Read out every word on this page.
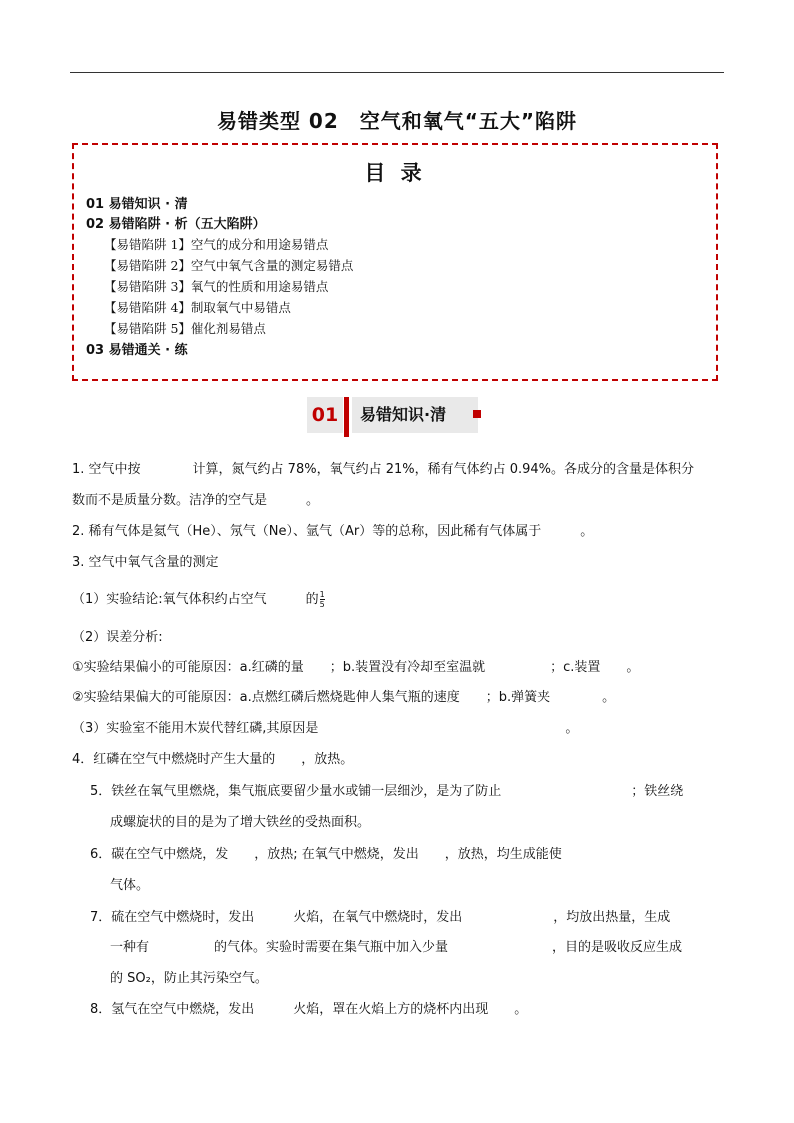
易错类型 02　空气和氧气“五大”陷阱
目 录
01 易错知识 · 清
02 易错陷阱 · 析（五大陷阱）
【易错陷阱 1】空气的成分和用途易错点
【易错陷阱 2】空气中氧气含量的测定易错点
【易错陷阱 3】氧气的性质和用途易错点
【易错陷阱 4】制取氧气中易错点
【易错陷阱 5】催化剂易错点
03 易错通关 · 练
01	易错知识·清
1. 空气中按　　　　计算，氮气约占 78%，氧气约占 21%，稀有气体约占 0.94%。各成分的含量是体积分
数而不是质量分数。洁净的空气是　　　。
2. 稀有气体是氦气（He）、氖气（Ne）、氩气（Ar）等的总称，因此稀有气体属于　　　。
3. 空气中氧气含量的测定
（1）实验结论:氧气体积约占空气　　　的 $\frac{1}{5}$
（2）误差分析:
①实验结果偏小的可能原因：a.红磷的量　　；b.装置没有冷却至室温就　　　　　；c.装置　　。
②实验结果偏大的可能原因：a.点燃红磷后燃烧匙伸人集气瓶的速度　　；b.弹簧夹　　　　。
（3）实验室不能用木炭代替红磷,其原因是　　　　　　　　　　　　　　　　　　　。
4．红磷在空气中燃烧时产生大量的　　，放热。
5．铁丝在氧气里燃烧，集气瓶底要留少量水或铺一层细沙，是为了防止　　　　　　　　　　；铁丝绕
成螺旋状的目的是为了增大铁丝的受热面积。
6．碳在空气中燃烧，发　　，放热; 在氧气中燃烧，发出　　，放热，均生成能使
气体。
7．硫在空气中燃烧时，发出　　　火焰，在氧气中燃烧时，发出　　　　　　　，均放出热量，生成
一种有　　　　　的气体。实验时需要在集气瓶中加入少量　　　　　　　　，目的是吸收反应生成
的 SO₂，防止其污染空气。
8．氢气在空气中燃烧，发出　　　火焰，罩在火焰上方的烧杯内出现　　。
